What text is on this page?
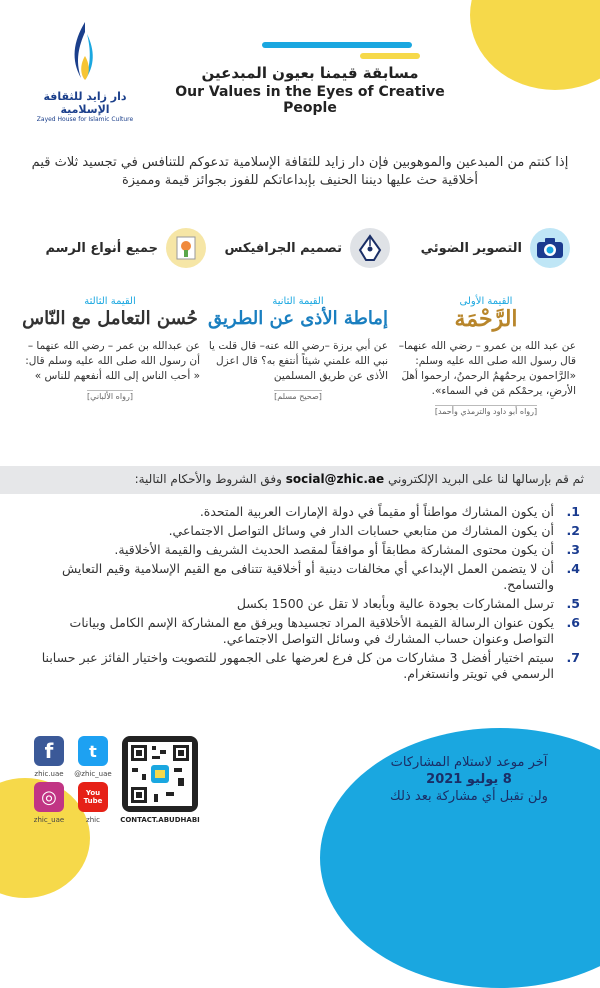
دار زايد للثقافة الإسلامية
Zayed House for Islamic Culture
مسابقة قيمنا بعيون المبدعين
Our Values in the Eyes of Creative People
إذا كنتم من المبدعين والموهوبين فإن دار زايد للثقافة الإسلامية تدعوكم للتنافس في تجسيد ثلاث قيم أخلاقية حث عليها ديننا الحنيف بإبداعاتكم للفوز بجوائز قيمة ومميزة
التصوير الضوئي
تصميم الجرافيكس
جميع أنواع الرسم
القيمة الأولى
الرَّحْمَة
عن عبد الله بن عمرو – رضي الله عنهما– قال رسول الله صلى الله عليه وسلم: «الرَّاحمون يرحمُهمُ الرحمنُ، ارحموا أهلَ الأرضِ، يرحمْكم مَن في السماء».
[رواه أبو داود والترمذي وأحمد]
القيمة الثانية
إماطة الأذى عن الطريق
عن أبي برزة –رضي الله عنه– قال قلت يا نبي الله علمني شيئاً أنتفع به؟ قال اعزل الأذى عن طريق المسلمين
[صحيح مسلم]
القيمة الثالثة
حُسن التعامل مع النّاس
عن عبدالله بن عمر – رضي الله عنهما – أن رسول الله صلى الله عليه وسلم قال: « أحب الناس إلى الله أنفعهم للناس »
[رواه الألباني]
ثم قم بإرسالها لنا على البريد الإلكتروني social@zhic.ae وفق الشروط والأحكام التالية:
1.
أن يكون المشارك مواطناً أو مقيماً في دولة الإمارات العربية المتحدة.
2.
أن يكون المشارك من متابعي حسابات الدار في وسائل التواصل الاجتماعي.
3.
أن يكون محتوى المشاركة مطابقاً أو موافقاً لمقصد الحديث الشريف والقيمة الأخلاقية.
4.
أن لا يتضمن العمل الإبداعي أي مخالفات دينية أو أخلاقية تتنافى مع القيم الإسلامية وقيم التعايش والتسامح.
5.
ترسل المشاركات بجودة عالية وبأبعاد لا تقل عن 1500 بكسل
6.
يكون عنوان الرسالة القيمة الأخلاقية المراد تجسيدها ويرفق مع المشاركة الإسم الكامل وبيانات التواصل وعنوان حساب المشارك في وسائل التواصل الاجتماعي.
7.
سيتم اختيار أفضل 3 مشاركات من كل فرع لعرضها على الجمهور للتصويت واختيار الفائز عبر حسابنا الرسمي في تويتر وانستغرام.
f	t
zhic.uae @zhic_uae
◎	You Tube
zhic_uae	zhic	CONTACT.ABUDHABI
آخر موعد لاستلام المشاركات
8 يوليو 2021
ولن تقبل أي مشاركة بعد ذلك
